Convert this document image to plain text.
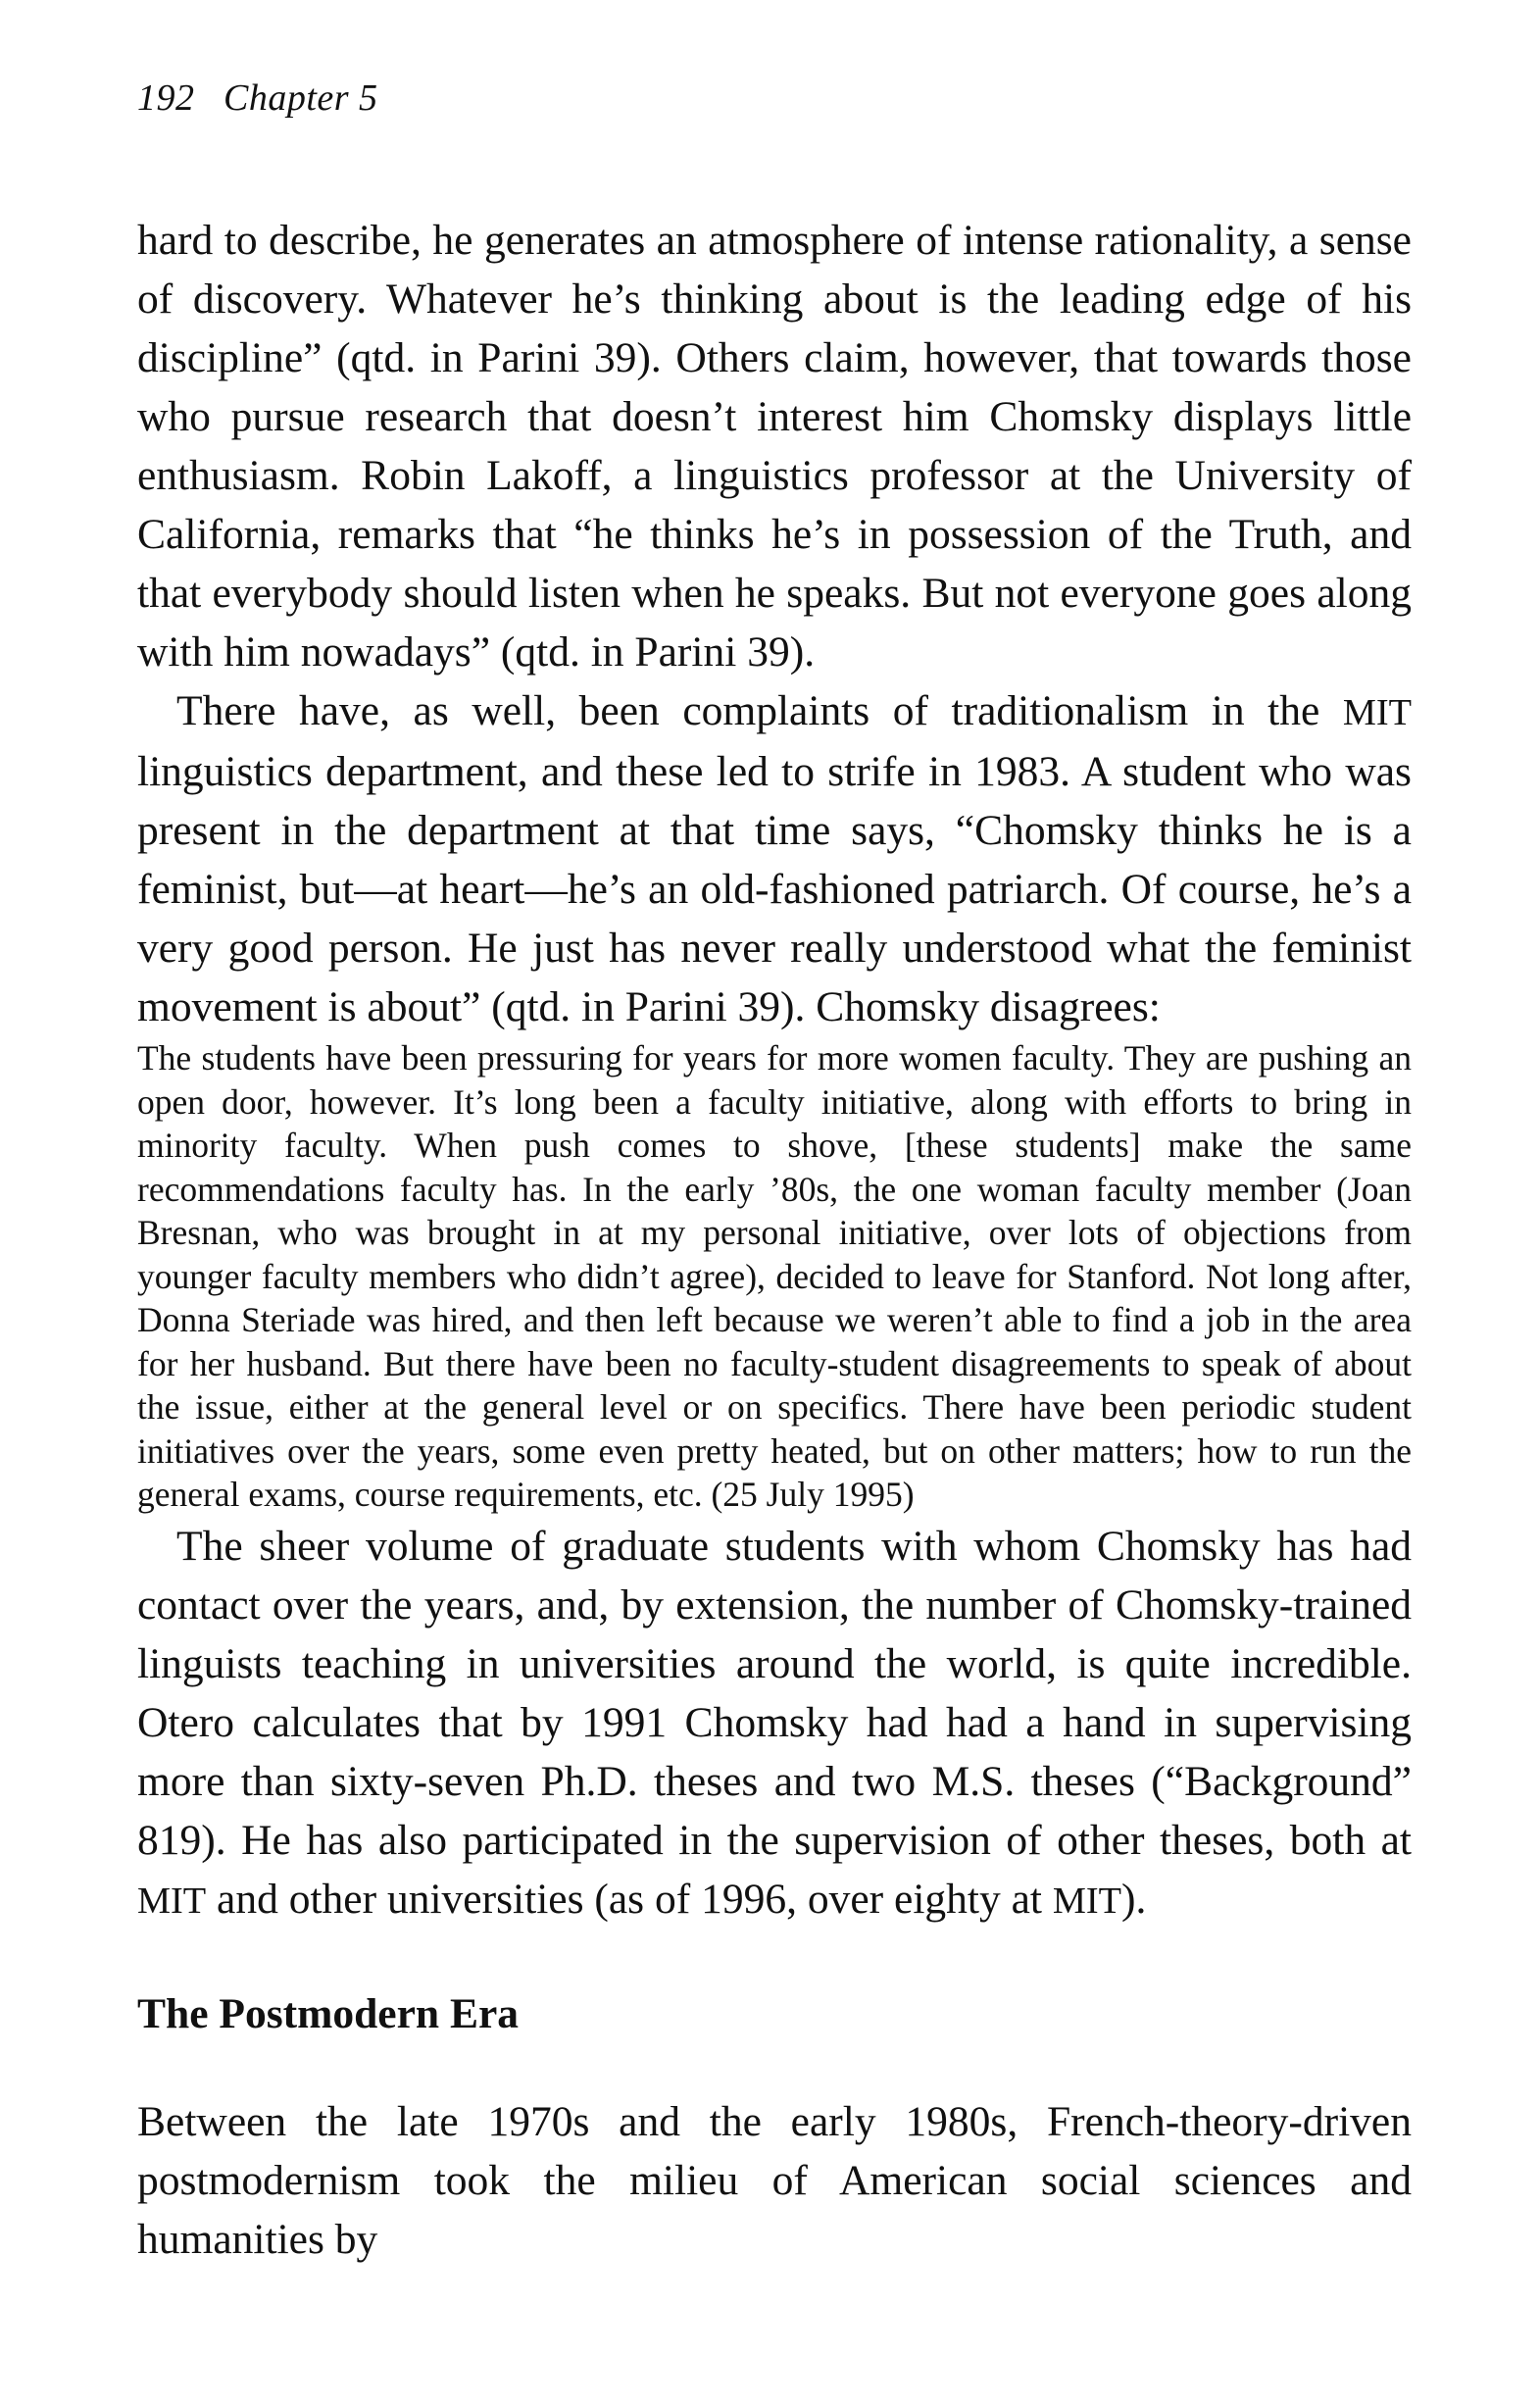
192 Chapter 5

hard to describe, he generates an atmosphere of intense rationality, a sense of discovery. Whatever he’s thinking about is the leading edge of his discipline” (qtd. in Parini 39). Others claim, however, that towards those who pursue research that doesn’t interest him Chomsky displays little enthusiasm. Robin Lakoff, a linguistics professor at the University of California, remarks that “he thinks he’s in possession of the Truth, and that everybody should listen when he speaks. But not everyone goes along with him nowadays” (qtd. in Parini 39).

There have, as well, been complaints of traditionalism in the MIT linguistics department, and these led to strife in 1983. A student who was present in the department at that time says, “Chomsky thinks he is a feminist, but—at heart—he’s an old-fashioned patriarch. Of course, he’s a very good person. He just has never really understood what the feminist movement is about” (qtd. in Parini 39). Chomsky disagrees:

The students have been pressuring for years for more women faculty. They are pushing an open door, however. It’s long been a faculty initiative, along with efforts to bring in minority faculty. When push comes to shove, [these students] make the same recommendations faculty has. In the early ’80s, the one woman faculty member (Joan Bresnan, who was brought in at my personal initiative, over lots of objections from younger faculty members who didn’t agree), decided to leave for Stanford. Not long after, Donna Steriade was hired, and then left because we weren’t able to find a job in the area for her husband. But there have been no faculty-student disagreements to speak of about the issue, either at the general level or on specifics. There have been periodic student initiatives over the years, some even pretty heated, but on other matters; how to run the general exams, course requirements, etc. (25 July 1995)

The sheer volume of graduate students with whom Chomsky has had contact over the years, and, by extension, the number of Chomsky-trained linguists teaching in universities around the world, is quite incredible. Otero calculates that by 1991 Chomsky had had a hand in supervising more than sixty-seven Ph.D. theses and two M.S. theses (“Background” 819). He has also participated in the supervision of other theses, both at MIT and other universities (as of 1996, over eighty at MIT).

The Postmodern Era

Between the late 1970s and the early 1980s, French-theory-driven postmodernism took the milieu of American social sciences and humanities by
